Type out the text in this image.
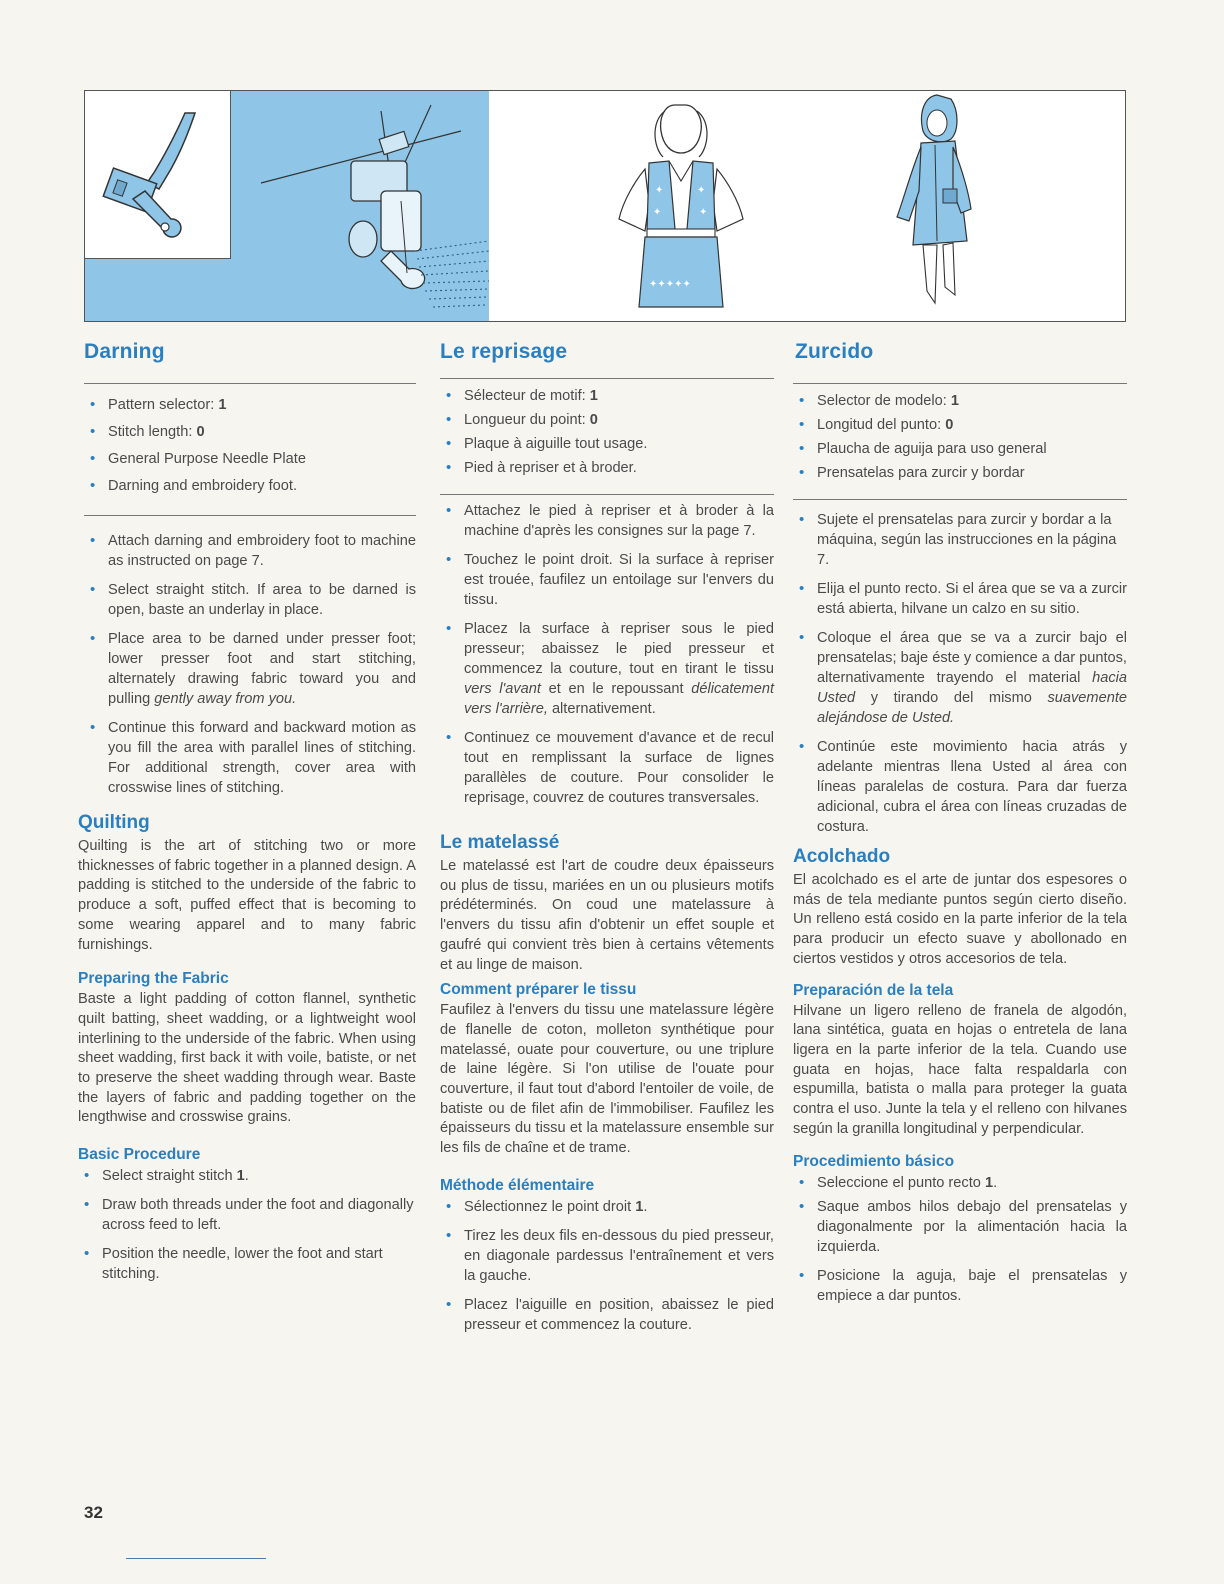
✦	✦
✦	✦
✦✦✦✦✦
Darning
• Pattern selector: 1
• Stitch length: 0
• General Purpose Needle Plate
• Darning and embroidery foot.
• Attach darning and embroidery foot to machine as instructed on page 7.
• Select straight stitch. If area to be darned is open, baste an underlay in place.
• Place area to be darned under presser foot; lower presser foot and start stitching, alternately drawing fabric toward you and pulling gently away from you.
• Continue this forward and backward motion as you fill the area with parallel lines of stitching. For additional strength, cover area with crosswise lines of stitching.
Quilting

Quilting is the art of stitching two or more thicknesses of fabric together in a planned design. A padding is stitched to the underside of the fabric to produce a soft, puffed effect that is becoming to some wearing apparel and to many fabric furnishings.

Preparing the Fabric

Baste a light padding of cotton flannel, synthetic quilt batting, sheet wadding, or a lightweight wool interlining to the underside of the fabric. When using sheet wadding, first back it with voile, batiste, or net to preserve the sheet wadding through wear. Baste the layers of fabric and padding together on the lengthwise and crosswise grains.

Basic Procedure
• Select straight stitch 1.
• Draw both threads under the foot and diagonally across feed to left.
• Position the needle, lower the foot and start stitching.
Le reprisage
• Sélecteur de motif: 1
• Longueur du point: 0
• Plaque à aiguille tout usage.
• Pied à repriser et à broder.
• Attachez le pied à repriser et à broder à la machine d'après les consignes sur la page 7.
• Touchez le point droit. Si la surface à repriser est trouée, faufilez un entoilage sur l'envers du tissu.
• Placez la surface à repriser sous le pied presseur; abaissez le pied presseur et commencez la couture, tout en tirant le tissu vers l'avant et en le repoussant délicatement vers l'arrière, alternativement.
• Continuez ce mouvement d'avance et de recul tout en remplissant la surface de lignes parallèles de couture. Pour consolider le reprisage, couvrez de coutures transversales.
Le matelassé

Le matelassé est l'art de coudre deux épaisseurs ou plus de tissu, mariées en un ou plusieurs motifs prédéterminés. On coud une matelassure à l'envers du tissu afin d'obtenir un effet souple et gaufré qui convient très bien à certains vêtements et au linge de maison.

Comment préparer le tissu

Faufilez à l'envers du tissu une matelassure légère de flanelle de coton, molleton synthétique pour matelassé, ouate pour couverture, ou une triplure de laine légère. Si l'on utilise de l'ouate pour couverture, il faut tout d'abord l'entoiler de voile, de batiste ou de filet afin de l'immobiliser. Faufilez les épaisseurs du tissu et la matelassure ensemble sur les fils de chaîne et de trame.

Méthode élémentaire
• Sélectionnez le point droit 1.
• Tirez les deux fils en-dessous du pied presseur, en diagonale pardessus l'entraînement et vers la gauche.
• Placez l'aiguille en position, abaissez le pied presseur et commencez la couture.
Zurcido
• Selector de modelo: 1
• Longitud del punto: 0
• Plaucha de aguija para uso general
• Prensatelas para zurcir y bordar
• Sujete el prensatelas para zurcir y bordar a la máquina, según las instrucciones en la página 7.
• Elija el punto recto. Si el área que se va a zurcir está abierta, hilvane un calzo en su sitio.
• Coloque el área que se va a zurcir bajo el prensatelas; baje éste y comience a dar puntos, alternativamente trayendo el material hacia Usted y tirando del mismo suavemente alejándose de Usted.
• Continúe este movimiento hacia atrás y adelante mientras llena Usted al área con líneas paralelas de costura. Para dar fuerza adicional, cubra el área con líneas cruzadas de costura.
Acolchado

El acolchado es el arte de juntar dos espesores o más de tela mediante puntos según cierto diseño. Un relleno está cosido en la parte inferior de la tela para producir un efecto suave y abollonado en ciertos vestidos y otros accesorios de tela.

Preparación de la tela

Hilvane un ligero relleno de franela de algodón, lana sintética, guata en hojas o entretela de lana ligera en la parte inferior de la tela. Cuando use guata en hojas, hace falta respaldarla con espumilla, batista o malla para proteger la guata contra el uso. Junte la tela y el relleno con hilvanes según la granilla longitudinal y perpendicular.

Procedimiento básico
• Seleccione el punto recto 1.
• Saque ambos hilos debajo del prensatelas y diagonalmente por la alimentación hacia la izquierda.
• Posicione la aguja, baje el prensatelas y empiece a dar puntos.
32
